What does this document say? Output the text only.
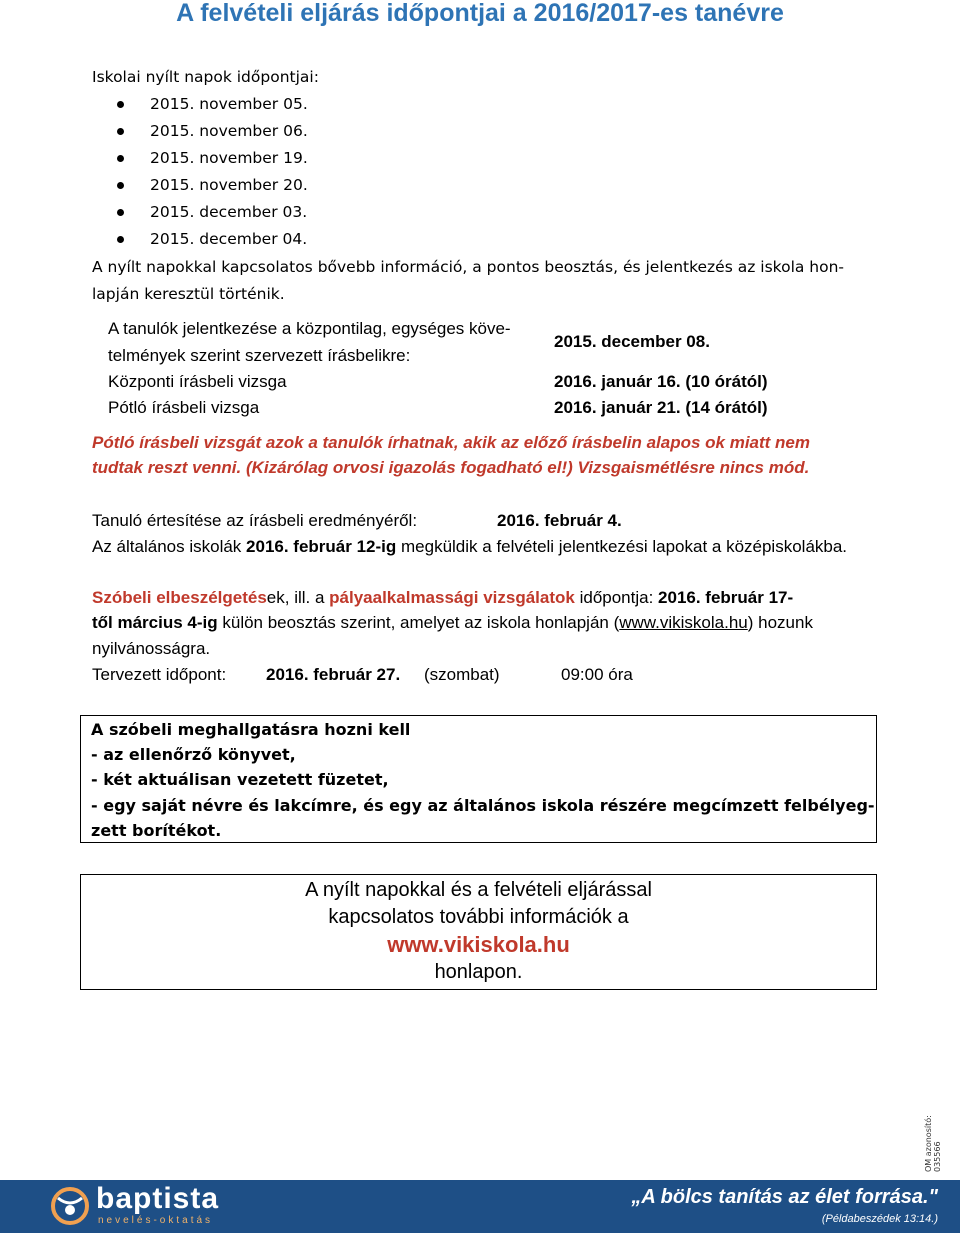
A felvételi eljárás időpontjai a 2016/2017-es tanévre
Iskolai nyílt napok időpontjai:
2015. november 05.
2015. november 06.
2015. november 19.
2015. november 20.
2015. december 03.
2015. december 04.
A nyílt napokkal kapcsolatos bővebb információ, a pontos beosztás, és jelentkezés az iskola hon-
lapján keresztül történik.
A tanulók jelentkezése a központilag, egységes köve-
telmények szerint szervezett írásbelikre:
2015. december 08.
Központi írásbeli vizsga	2016. január 16. (10 órától)
Pótló írásbeli vizsga	2016. január 21. (14 órától)
Pótló írásbeli vizsgát azok a tanulók írhatnak, akik az előző írásbelin alapos ok miatt nem
tudtak reszt venni. (Kizárólag orvosi igazolás fogadható el!) Vizsgaismétlésre nincs mód.
Tanuló értesítése az írásbeli eredményéről:	2016. február 4.
Az általános iskolák 2016. február 12-ig megküldik a felvételi jelentkezési lapokat a középiskolákba.
Szóbeli elbeszélgetések, ill. a pályaalkalmassági vizsgálatok időpontja: 2016. február 17-
től március 4-ig külön beosztás szerint, amelyet az iskola honlapján (www.vikiskola.hu) hozunk
nyilvánosságra.
Tervezett időpont: 2016. február 27. (szombat)	09:00 óra
A szóbeli meghallgatásra hozni kell
- az ellenőrző könyvet,
- két aktuálisan vezetett füzetet,
- egy saját névre és lakcímre, és egy az általános iskola részére megcímzett felbélyeg-
zett borítékot.
A nyílt napokkal és a felvételi eljárással
kapcsolatos további információk a
www.vikiskola.hu
honlapon.
OM azonosító: 035566
baptista
nevelés-oktatás
„A bölcs tanítás az élet forrása."
(Példabeszédek 13:14.)
